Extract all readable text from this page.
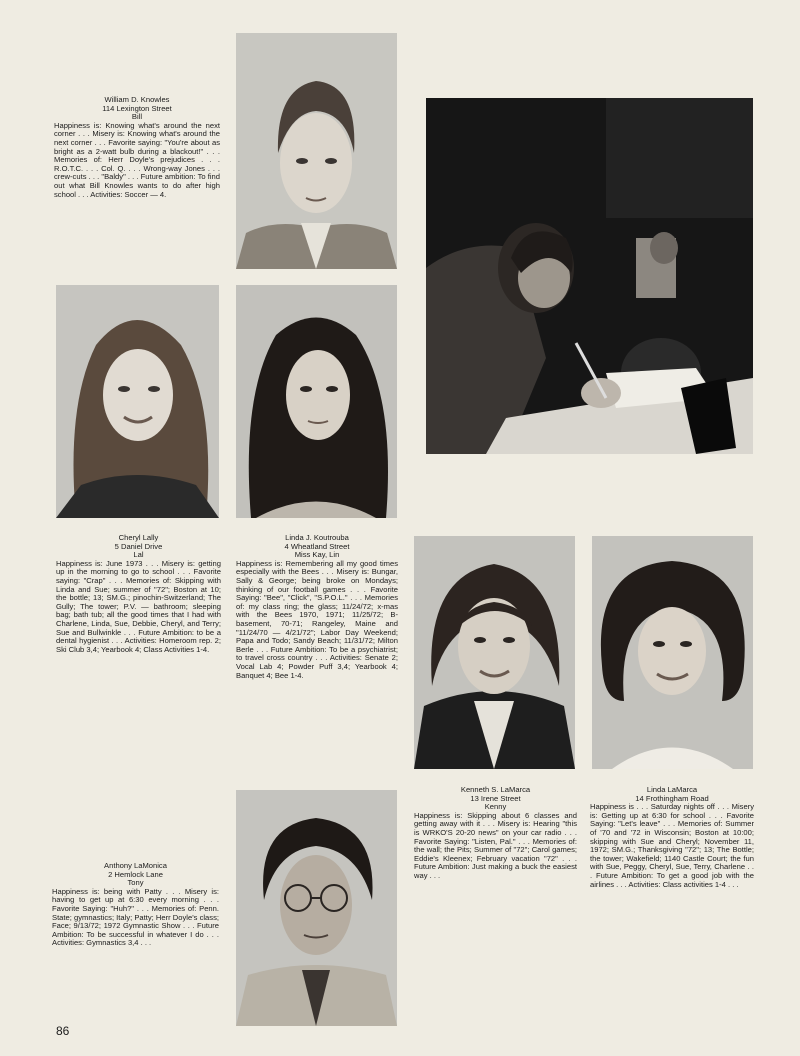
William D. Knowles
114 Lexington Street
Bill
Happiness is: Knowing what's around the next corner . . . Misery is: Knowing what's around the next corner . . . Favorite saying: "You're about as bright as a 2-watt bulb during a blackout!" . . . Memories of: Herr Doyle's prejudices . . . R.O.T.C. . . . Col. Q. . . . Wrong-way Jones . . . crew-cuts . . . "Baldy" . . . Future ambition: To find out what Bill Knowles wants to do after high school . . . Activities: Soccer — 4.
Cheryl Lally
5 Daniel Drive
Lal
Happiness is: June 1973 . . . Misery is: getting up in the morning to go to school . . . Favorite saying: "Crap" . . . Memories of: Skipping with Linda and Sue; summer of "72"; Boston at 10; the bottle; 13; SM.G.; pinochin-Switzerland; The Gully; The tower; P.V. — bathroom; sleeping bag; bath tub; all the good times that I had with Charlene, Linda, Sue, Debbie, Cheryl, and Terry; Sue and Bullwinkle . . . Future Ambition: to be a dental hygienist . . . Activities: Homeroom rep. 2; Ski Club 3,4; Yearbook 4; Class Activities 1-4.
Linda J. Koutrouba
4 Wheatland Street
Miss Kay, Lin
Happiness is: Remembering all my good times especially with the Bees . . . Misery is: Bungar, Sally & George; being broke on Mondays; thinking of our football games . . . Favorite Saying: "Bee", "Click", "S.P.O.L." . . . Memories of: my class ring; the glass; 11/24/72; x-mas with the Bees 1970, 1971; 11/25/72; B-basement, 70-71; Rangeley, Maine and "11/24/70 — 4/21/72"; Labor Day Weekend; Papa and Todo; Sandy Beach; 11/31/72; Milton Berle . . . Future Ambition: To be a psychiatrist; to travel cross country . . . Activities: Senate 2; Vocal Lab 4; Powder Puff 3,4; Yearbook 4; Banquet 4; Bee 1-4.
Kenneth S. LaMarca
13 Irene Street
Kenny
Happiness is: Skipping about 6 classes and getting away with it . . . Misery is: Hearing "this is WRKO'S 20-20 news" on your car radio . . . Favorite Saying: "Listen, Pal." . . . Memories of: the wall; the Pits; Summer of "72"; Carol games; Eddie's Kleenex; February vacation "72" . . . Future Ambition: Just making a buck the easiest way . . .
Linda LaMarca
14 Frothingham Road
Happiness is . . . Saturday nights off . . . Misery is: Getting up at 6:30 for school . . . Favorite Saying: "Let's leave" . . . Memories of: Summer of '70 and '72 in Wisconsin; Boston at 10:00; skipping with Sue and Cheryl; November 11, 1972; SM.G.; Thanksgiving "72"; 13; The Bottle; the tower; Wakefield; 1140 Castle Court; the fun with Sue, Peggy, Cheryl, Sue, Terry, Charlene . . . Future Ambition: To get a good job with the airlines . . . Activities: Class activities 1-4 . . .
Anthony LaMonica
2 Hemlock Lane
Tony
Happiness is: being with Patty . . . Misery is: having to get up at 6:30 every morning . . . Favorite Saying: "Huh?" . . . Memories of: Penn. State; gymnastics; Italy; Patty; Herr Doyle's class; Face; 9/13/72; 1972 Gymnastic Show . . . Future Ambition: To be successful in whatever I do . . . Activities: Gymnastics 3,4 . . .
86
